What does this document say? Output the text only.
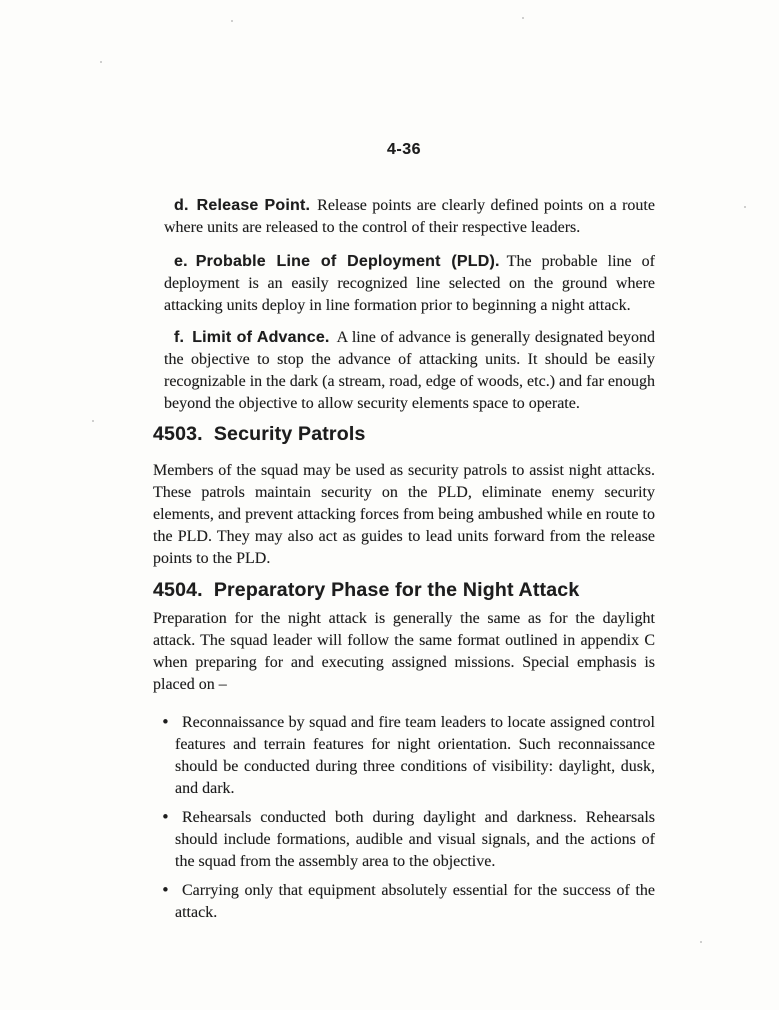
4-36

d. Release Point. Release points are clearly defined points on a route where units are released to the control of their respective leaders.

e. Probable Line of Deployment (PLD). The probable line of deployment is an easily recognized line selected on the ground where attacking units deploy in line formation prior to beginning a night attack.

f. Limit of Advance. A line of advance is generally designated beyond the objective to stop the advance of attacking units. It should be easily recognizable in the dark (a stream, road, edge of woods, etc.) and far enough beyond the objective to allow security elements space to operate.

4503. Security Patrols

Members of the squad may be used as security patrols to assist night attacks. These patrols maintain security on the PLD, eliminate enemy security elements, and prevent attacking forces from being ambushed while en route to the PLD. They may also act as guides to lead units forward from the release points to the PLD.

4504. Preparatory Phase for the Night Attack

Preparation for the night attack is generally the same as for the daylight attack. The squad leader will follow the same format outlined in appendix C when preparing for and executing assigned missions. Special emphasis is placed on –

• Reconnaissance by squad and fire team leaders to locate assigned control features and terrain features for night orientation. Such reconnaissance should be conducted during three conditions of visibility: daylight, dusk, and dark.
• Rehearsals conducted both during daylight and darkness. Rehearsals should include formations, audible and visual signals, and the actions of the squad from the assembly area to the objective.
• Carrying only that equipment absolutely essential for the success of the attack.
